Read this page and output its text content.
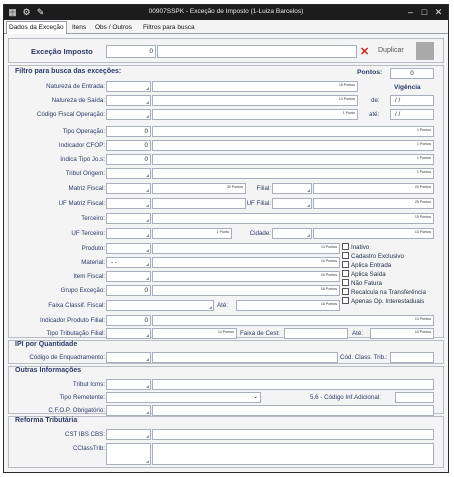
▦ ⚙ ✎	00907SSPK - Exceção de Imposto (1-Luiza Barcelos)	– □ ✕
Dados da Exceção	Itens	Obs / Outros	Filtros para busca
Exceção Imposto	0	✕ Duplicar
Filtro para busca das exceções:	Pontos:	0
Natureza de Entrada:	15 Pontos	Vigência
Natureza de Saída:	14 Pontos	de: / /
Código Fiscal Operação:	1 Ponto até:	/ /
Tipo Operação:	0	1 Pontos
Indicador CFOP:	0	1 Pontos
Indica Tipo Jo.s:	0	1 Pontos
Tribut Origem:	1 Pontos
Matriz Fiscal:	30 Pontos	Filial:	20 Pontos
UF Matriz Fiscal:	UF Filial:	25 Pontos
Terceiro:	15 Pontos
UF Terceiro:	1 Ponto	Cidade:	10 Pontos
Produto:	13 Pontos
Material: - -	15 Pontos
Item Fiscal:	15 Pontos
Grupo Exceção:	0	18 Pontos
Faixa Classif. Fiscal:	Até:	16 Pontos
Indicador Produto Filial:	0	13 Pontos
Tipo Tributação Filial:	14 Pontos Faixa de Cest:	Até:	10 Pontos
Inativo
Cadastro Exclusivo
Aplica Entrada
Aplica Saída
Não Fatura
Recalcula na Transferência
Apenas Op. Interestaduais
IPI por Quantidade
Código de Enquadramento:	Cód. Class. Trib.:
Outras Informações
Tribut Icms:
Tipo Remetente:	⌄	5.6 - Código Inf.Adicional:
C.F.O.P. Obrigatório:
Reforma Tributária
CST IBS CBS:
CClassTrib:
